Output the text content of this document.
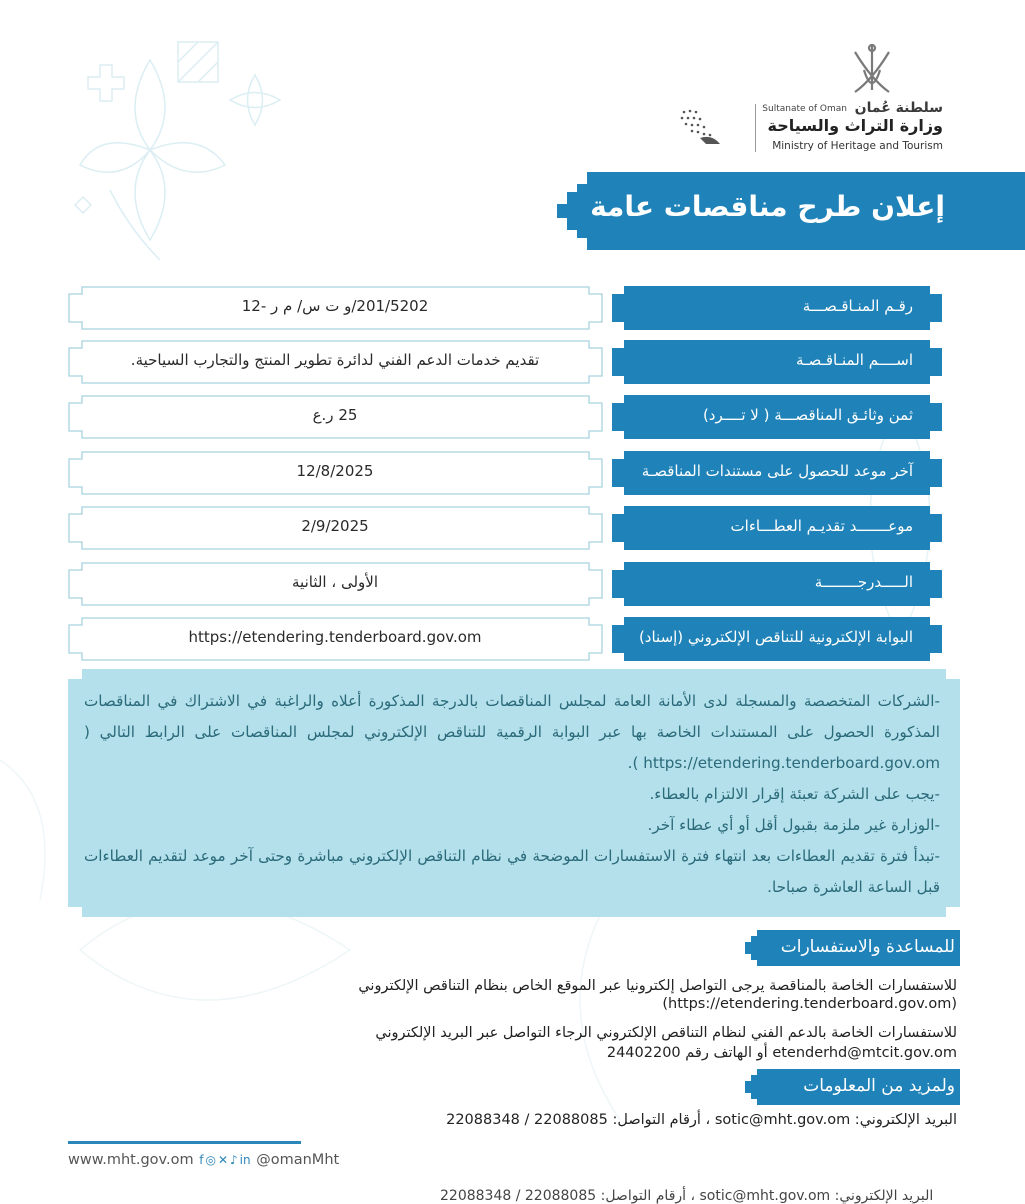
Sultanate of Oman سلطنة عُمان
وزارة التراث والسياحة
Ministry of Heritage and Tourism
إعلان طرح مناقصات عامة
رقـم المنـاقـصـــة
201/5202/و ت س/ م ر -12
اســــم المنـاقـصـة
تقديم خدمات الدعم الفني لدائرة تطوير المنتج والتجارب السياحية.
ثمن وثائـق المناقصـــة ( لا تــــرد)
25 ر.ع
آخر موعد للحصول على مستندات المناقصـة
12/8/2025
موعـــــــد تقديـم العطـــاءات
2/9/2025
الـــــدرجــــــــة
الأولى ، الثانية
البوابة الإلكترونية للتناقص الإلكتروني (إسناد)
https://etendering.tenderboard.gov.om

-الشركات المتخصصة والمسجلة لدى الأمانة العامة لمجلس المناقصات بالدرجة المذكورة أعلاه والراغبة في الاشتراك في المناقصات المذكورة الحصول على المستندات الخاصة بها عبر البوابة الرقمية للتناقص الإلكتروني لمجلس المناقصات على الرابط التالي ( https://etendering.tenderboard.gov.om ).

-يجب على الشركة تعبئة إقرار الالتزام بالعطاء.

-الوزارة غير ملزمة بقبول أقل أو أي عطاء آخر.

-تبدأ فترة تقديم العطاءات بعد انتهاء فترة الاستفسارات الموضحة في نظام التناقص الإلكتروني مباشرة وحتى آخر موعد لتقديم العطاءات قبل الساعة العاشرة صباحا.

للمساعدة والاستفسارات
للاستفسارات الخاصة بالمناقصة يرجى التواصل إلكترونيا عبر الموقع الخاص بنظام التناقص الإلكتروني
(https://etendering.tenderboard.gov.om)
للاستفسارات الخاصة بالدعم الفني لنظام التناقص الإلكتروني الرجاء التواصل عبر البريد الإلكتروني
etenderhd@mtcit.gov.om أو الهاتف رقم 24402200
ولمزيد من المعلومات
البريد الإلكتروني: sotic@mht.gov.om ، أرقام التواصل: 22088085 / 22088348
www.mht.gov.om f ◎ ✕ ♪ in @omanMht
البريد الإلكتروني: sotic@mht.gov.om ، أرقام التواصل: 22088085 / 22088348
